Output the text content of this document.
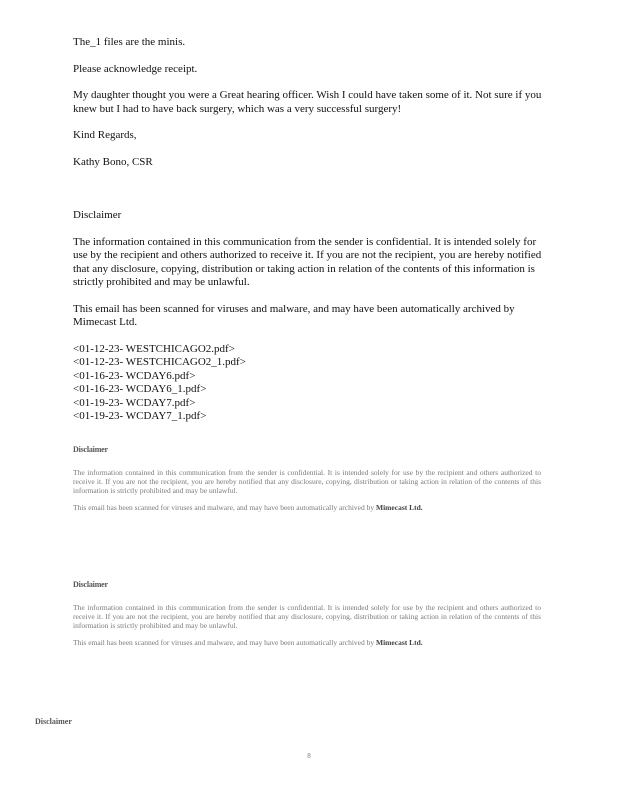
The_1 files are the minis.

Please acknowledge receipt.

My daughter thought you were a Great hearing officer. Wish I could have taken some of it. Not sure if you knew but I had to have back surgery, which was a very successful surgery!

Kind Regards,

Kathy Bono, CSR

Disclaimer

The information contained in this communication from the sender is confidential. It is intended solely for use by the recipient and others authorized to receive it. If you are not the recipient, you are hereby notified that any disclosure, copying, distribution or taking action in relation of the contents of this information is strictly prohibited and may be unlawful.

This email has been scanned for viruses and malware, and may have been automatically archived by Mimecast Ltd.

<01-12-23- WESTCHICAGO2.pdf>

<01-12-23- WESTCHICAGO2_1.pdf>

<01-16-23- WCDAY6.pdf>

<01-16-23- WCDAY6_1.pdf>

<01-19-23- WCDAY7.pdf>

<01-19-23- WCDAY7_1.pdf>

Disclaimer

The information contained in this communication from the sender is confidential. It is intended solely for use by the recipient and others authorized to receive it. If you are not the recipient, you are hereby notified that any disclosure, copying, distribution or taking action in relation of the contents of this information is strictly prohibited and may be unlawful.

This email has been scanned for viruses and malware, and may have been automatically archived by Mimecast Ltd.

Disclaimer

The information contained in this communication from the sender is confidential. It is intended solely for use by the recipient and others authorized to receive it. If you are not the recipient, you are hereby notified that any disclosure, copying, distribution or taking action in relation of the contents of this information is strictly prohibited and may be unlawful.

This email has been scanned for viruses and malware, and may have been automatically archived by Mimecast Ltd.

Disclaimer
8
